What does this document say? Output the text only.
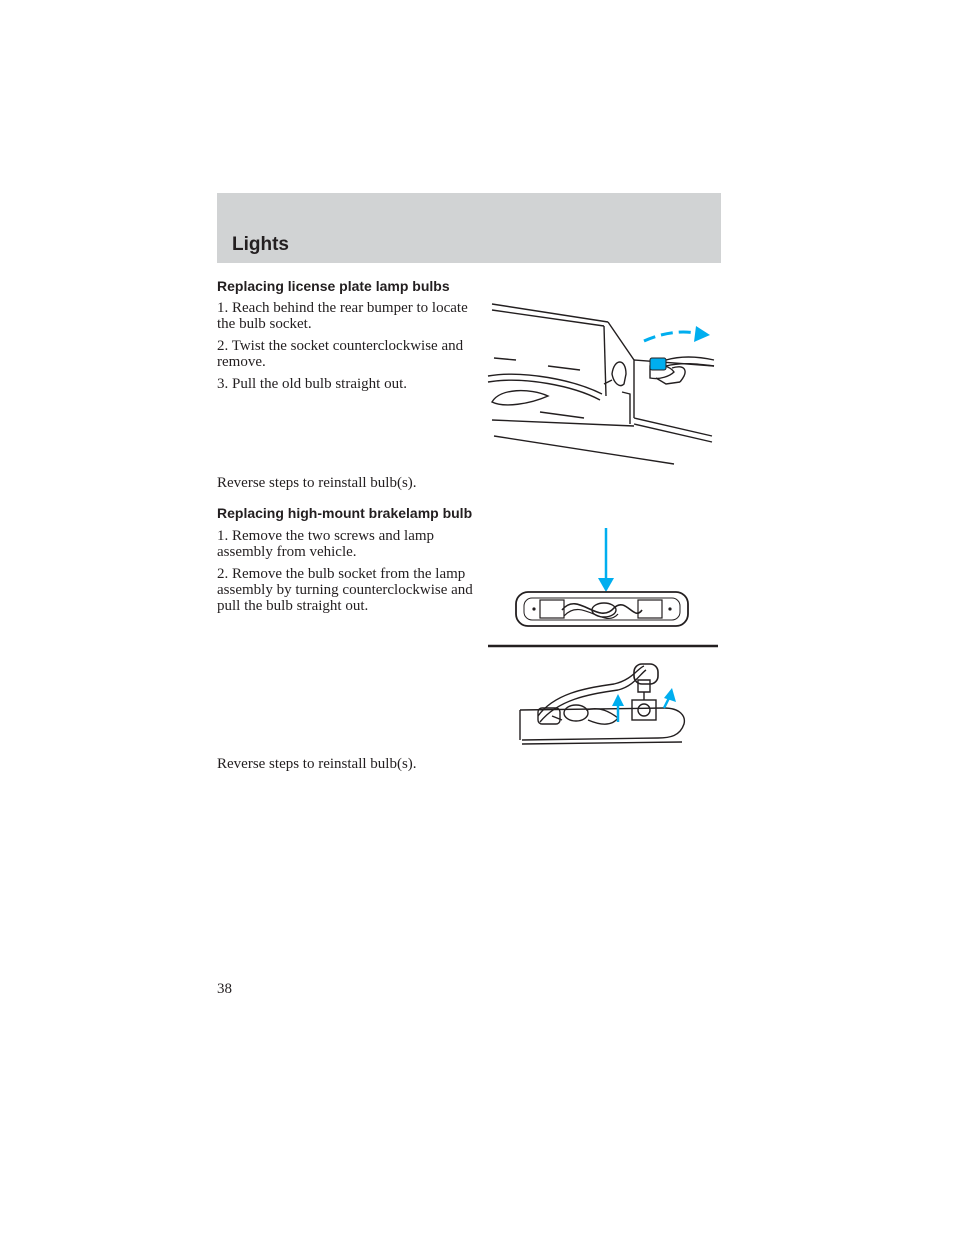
Lights
Replacing license plate lamp bulbs

1. Reach behind the rear bumper to locate the bulb socket.

2. Twist the socket counterclockwise and remove.

3. Pull the old bulb straight out.

Reverse steps to reinstall bulb(s).
Replacing high-mount brakelamp bulb

1. Remove the two screws and lamp assembly from vehicle.

2. Remove the bulb socket from the lamp assembly by turning counterclockwise and pull the bulb straight out.

Reverse steps to reinstall bulb(s).
38
